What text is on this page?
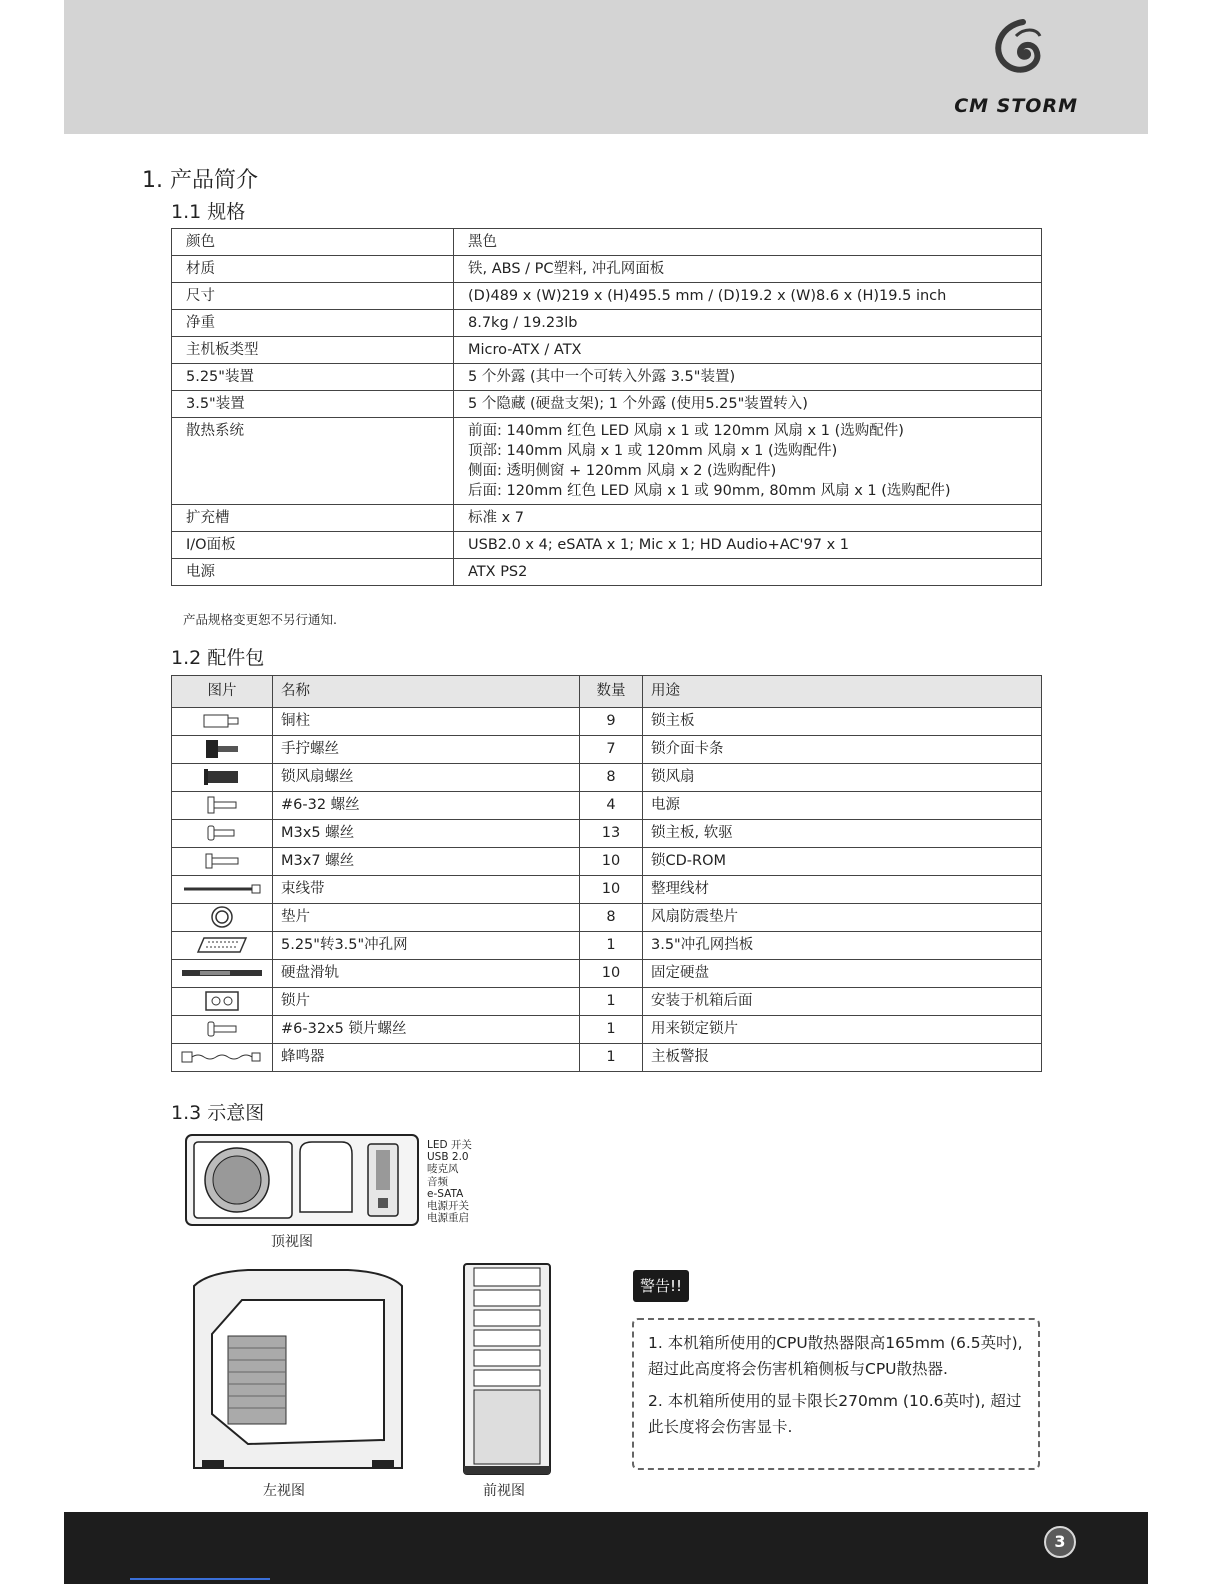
CM STORM
1. 产品简介
1.1 规格
颜色	黑色
材质	铁, ABS / PC塑料, 冲孔网面板
尺寸	(D)489 x (W)219 x (H)495.5 mm / (D)19.2 x (W)8.6 x (H)19.5 inch
净重	8.7kg / 19.23lb
主机板类型	Micro-ATX / ATX
5.25"装置	5 个外露 (其中一个可转入外露 3.5"装置)
3.5"装置	5 个隐藏 (硬盘支架); 1 个外露 (使用5.25"装置转入)
散热系统	前面: 140mm 红色 LED 风扇 x 1 或 120mm 风扇 x 1 (选购配件)
顶部: 140mm 风扇 x 1 或 120mm 风扇 x 1 (选购配件)
侧面: 透明侧窗 + 120mm 风扇 x 2 (选购配件)
后面: 120mm 红色 LED 风扇 x 1 或 90mm, 80mm 风扇 x 1 (选购配件)

扩充槽	标准 x 7
I/O面板	USB2.0 x 4; eSATA x 1; Mic x 1; HD Audio+AC'97 x 1
电源	ATX PS2
产品规格变更恕不另行通知.
1.2 配件包
图片	名称	数量	用途
	铜柱	9	锁主板
	手拧螺丝	7	锁介面卡条
	锁风扇螺丝	8	锁风扇
	#6-32 螺丝	4	电源
	M3x5 螺丝	13	锁主板, 软驱
	M3x7 螺丝	10	锁CD-ROM
	束线带	10	整理线材
	垫片	8	风扇防震垫片
	5.25"转3.5"冲孔网	1	3.5"冲孔网挡板
	硬盘滑轨	10	固定硬盘
	锁片	1	安装于机箱后面
	#6-32x5 锁片螺丝	1	用来锁定锁片
	蜂鸣器	1	主板警报
1.3 示意图
LED 开关
USB 2.0
唛克风
音频
e-SATA
电源开关
电源重启
顶视图
左视图	前视图
警告!!

1. 本机箱所使用的CPU散热器限高165mm (6.5英吋), 超过此高度将会伤害机箱侧板与CPU散热器.

2. 本机箱所使用的显卡限长270mm (10.6英吋), 超过此长度将会伤害显卡.

3
